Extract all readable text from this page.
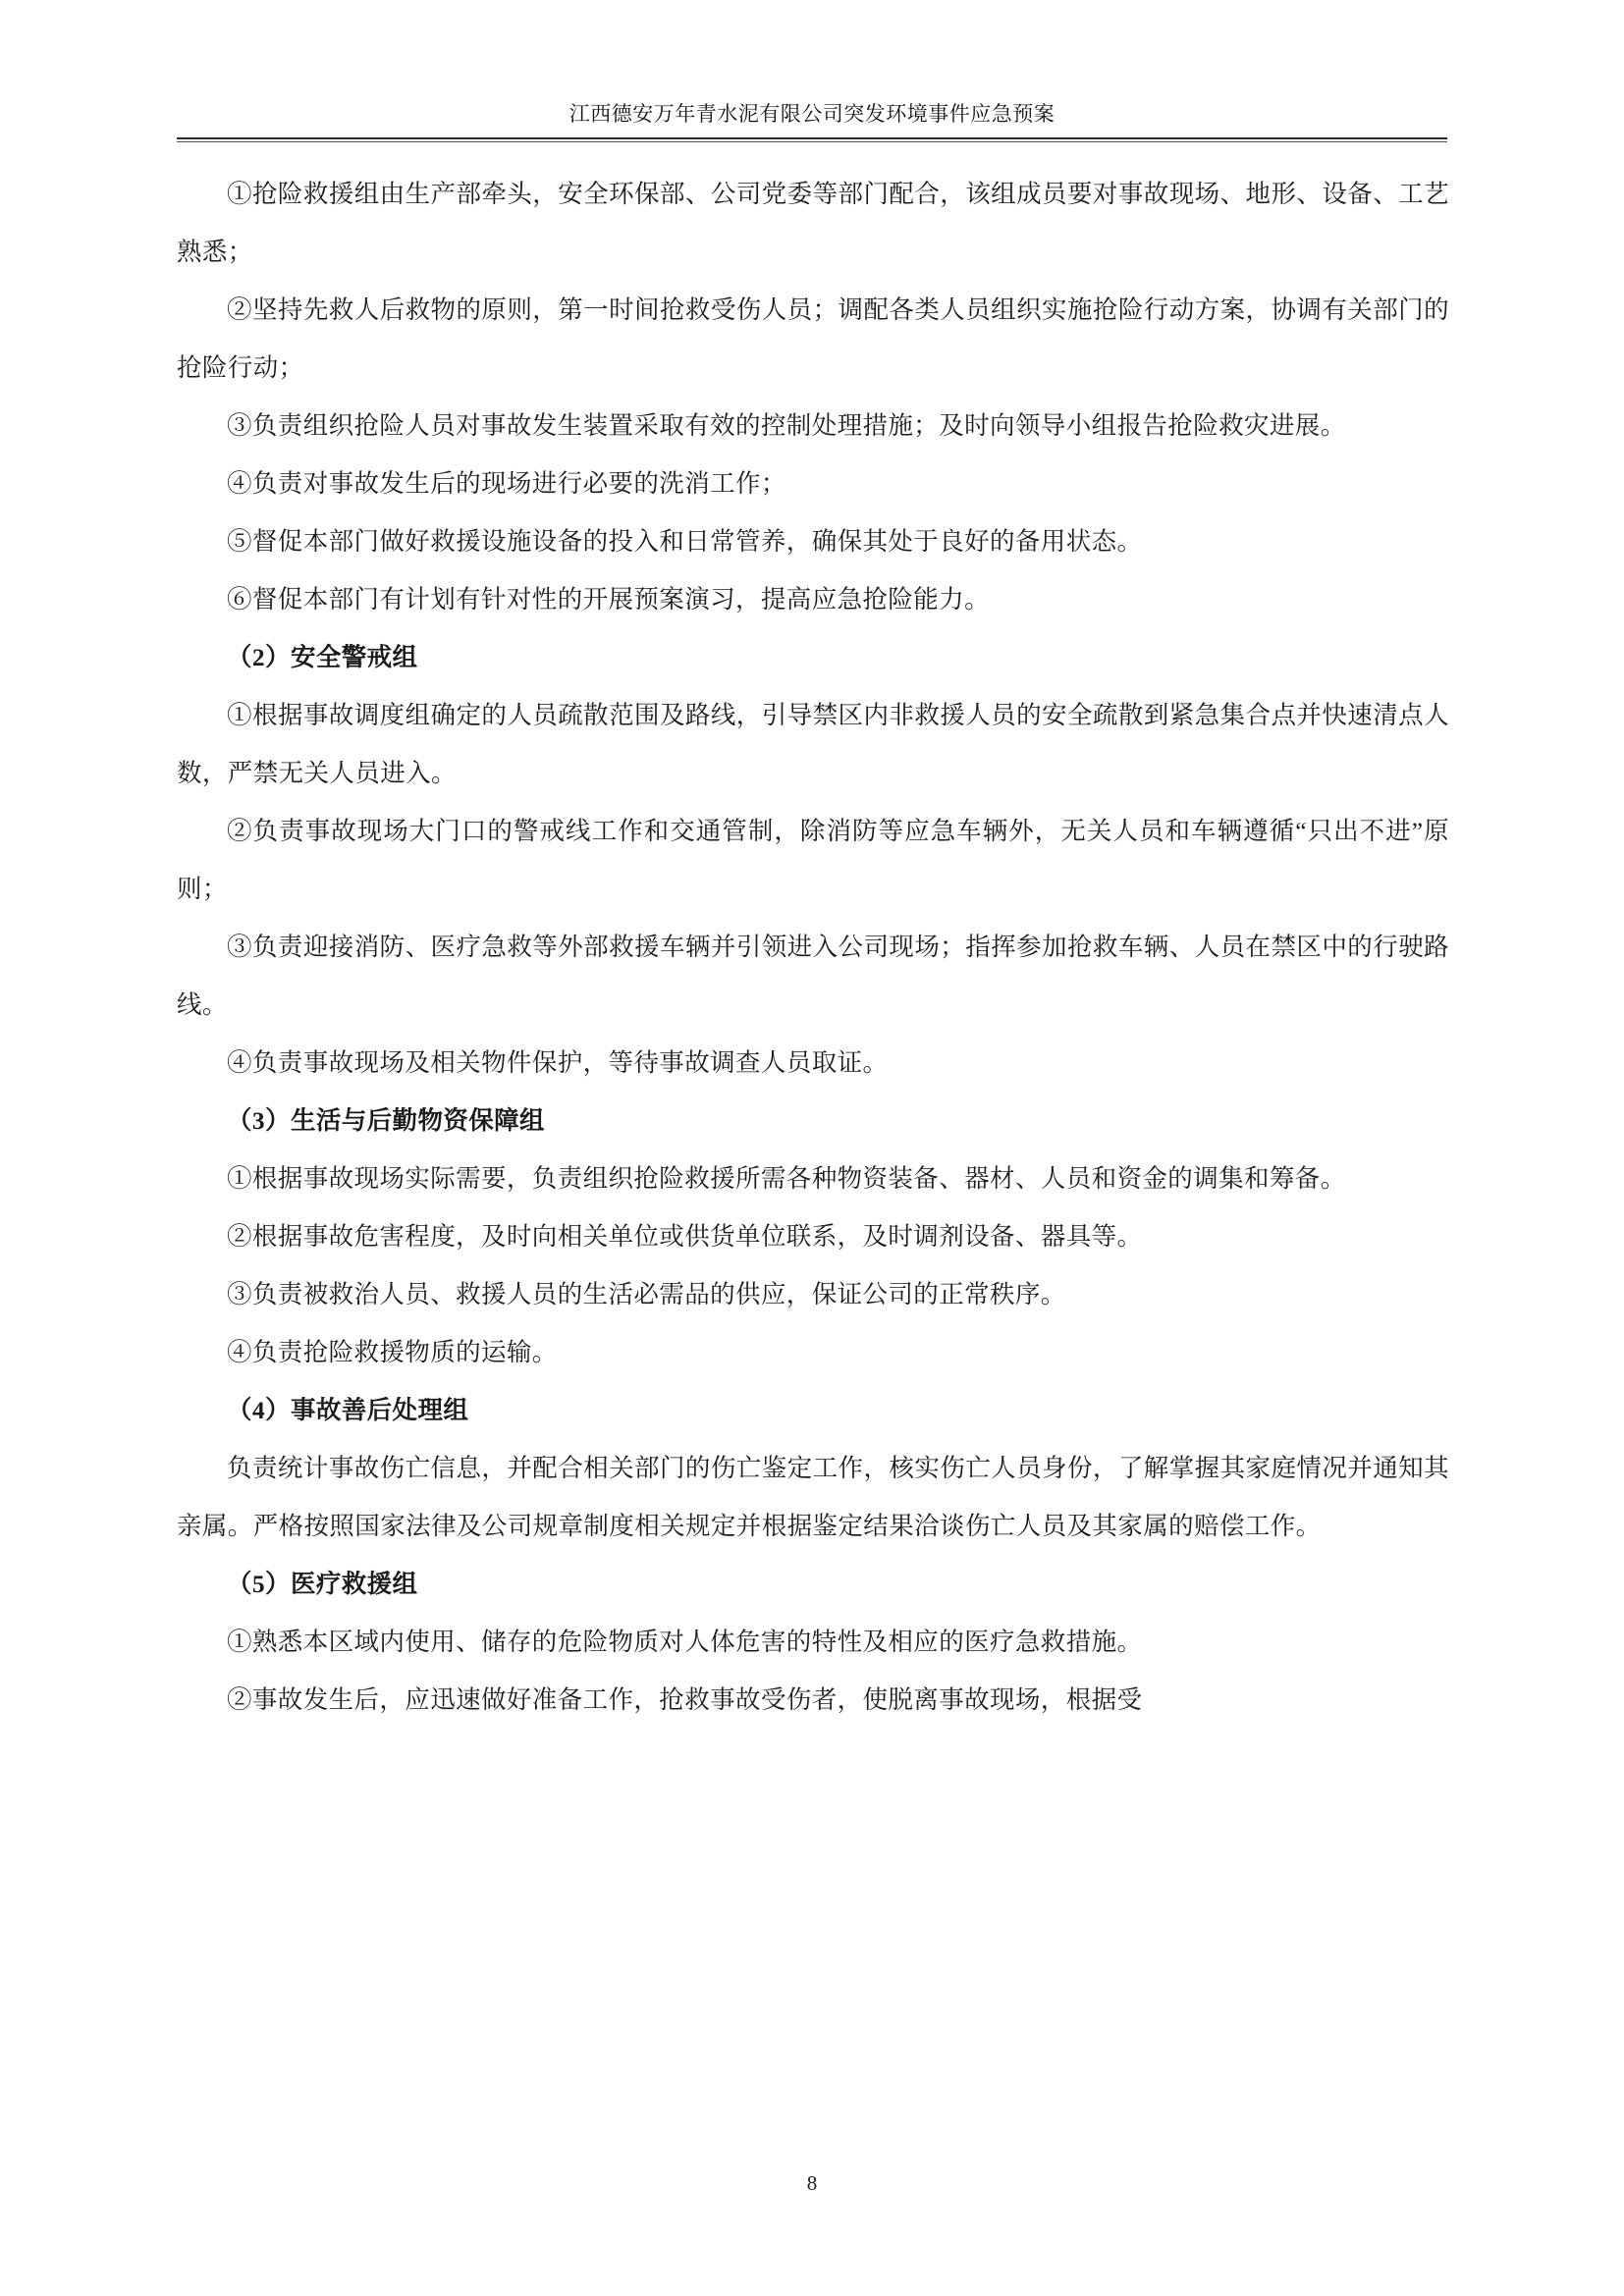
江西德安万年青水泥有限公司突发环境事件应急预案

①抢险救援组由生产部牵头，安全环保部、公司党委等部门配合，该组成员要对事故现场、地形、设备、工艺熟悉；

②坚持先救人后救物的原则，第一时间抢救受伤人员；调配各类人员组织实施抢险行动方案，协调有关部门的抢险行动；

③负责组织抢险人员对事故发生装置采取有效的控制处理措施；及时向领导小组报告抢险救灾进展。

④负责对事故发生后的现场进行必要的洗消工作；

⑤督促本部门做好救援设施设备的投入和日常管养，确保其处于良好的备用状态。

⑥督促本部门有计划有针对性的开展预案演习，提高应急抢险能力。

（2）安全警戒组

①根据事故调度组确定的人员疏散范围及路线，引导禁区内非救援人员的安全疏散到紧急集合点并快速清点人数，严禁无关人员进入。

②负责事故现场大门口的警戒线工作和交通管制，除消防等应急车辆外，无关人员和车辆遵循“只出不进”原则；

③负责迎接消防、医疗急救等外部救援车辆并引领进入公司现场；指挥参加抢救车辆、人员在禁区中的行驶路线。

④负责事故现场及相关物件保护，等待事故调查人员取证。

（3）生活与后勤物资保障组

①根据事故现场实际需要，负责组织抢险救援所需各种物资装备、器材、人员和资金的调集和筹备。

②根据事故危害程度，及时向相关单位或供货单位联系，及时调剂设备、器具等。

③负责被救治人员、救援人员的生活必需品的供应，保证公司的正常秩序。

④负责抢险救援物质的运输。

（4）事故善后处理组

负责统计事故伤亡信息，并配合相关部门的伤亡鉴定工作，核实伤亡人员身份，了解掌握其家庭情况并通知其亲属。严格按照国家法律及公司规章制度相关规定并根据鉴定结果洽谈伤亡人员及其家属的赔偿工作。

（5）医疗救援组

①熟悉本区域内使用、储存的危险物质对人体危害的特性及相应的医疗急救措施。

②事故发生后，应迅速做好准备工作，抢救事故受伤者，使脱离事故现场，根据受

8
